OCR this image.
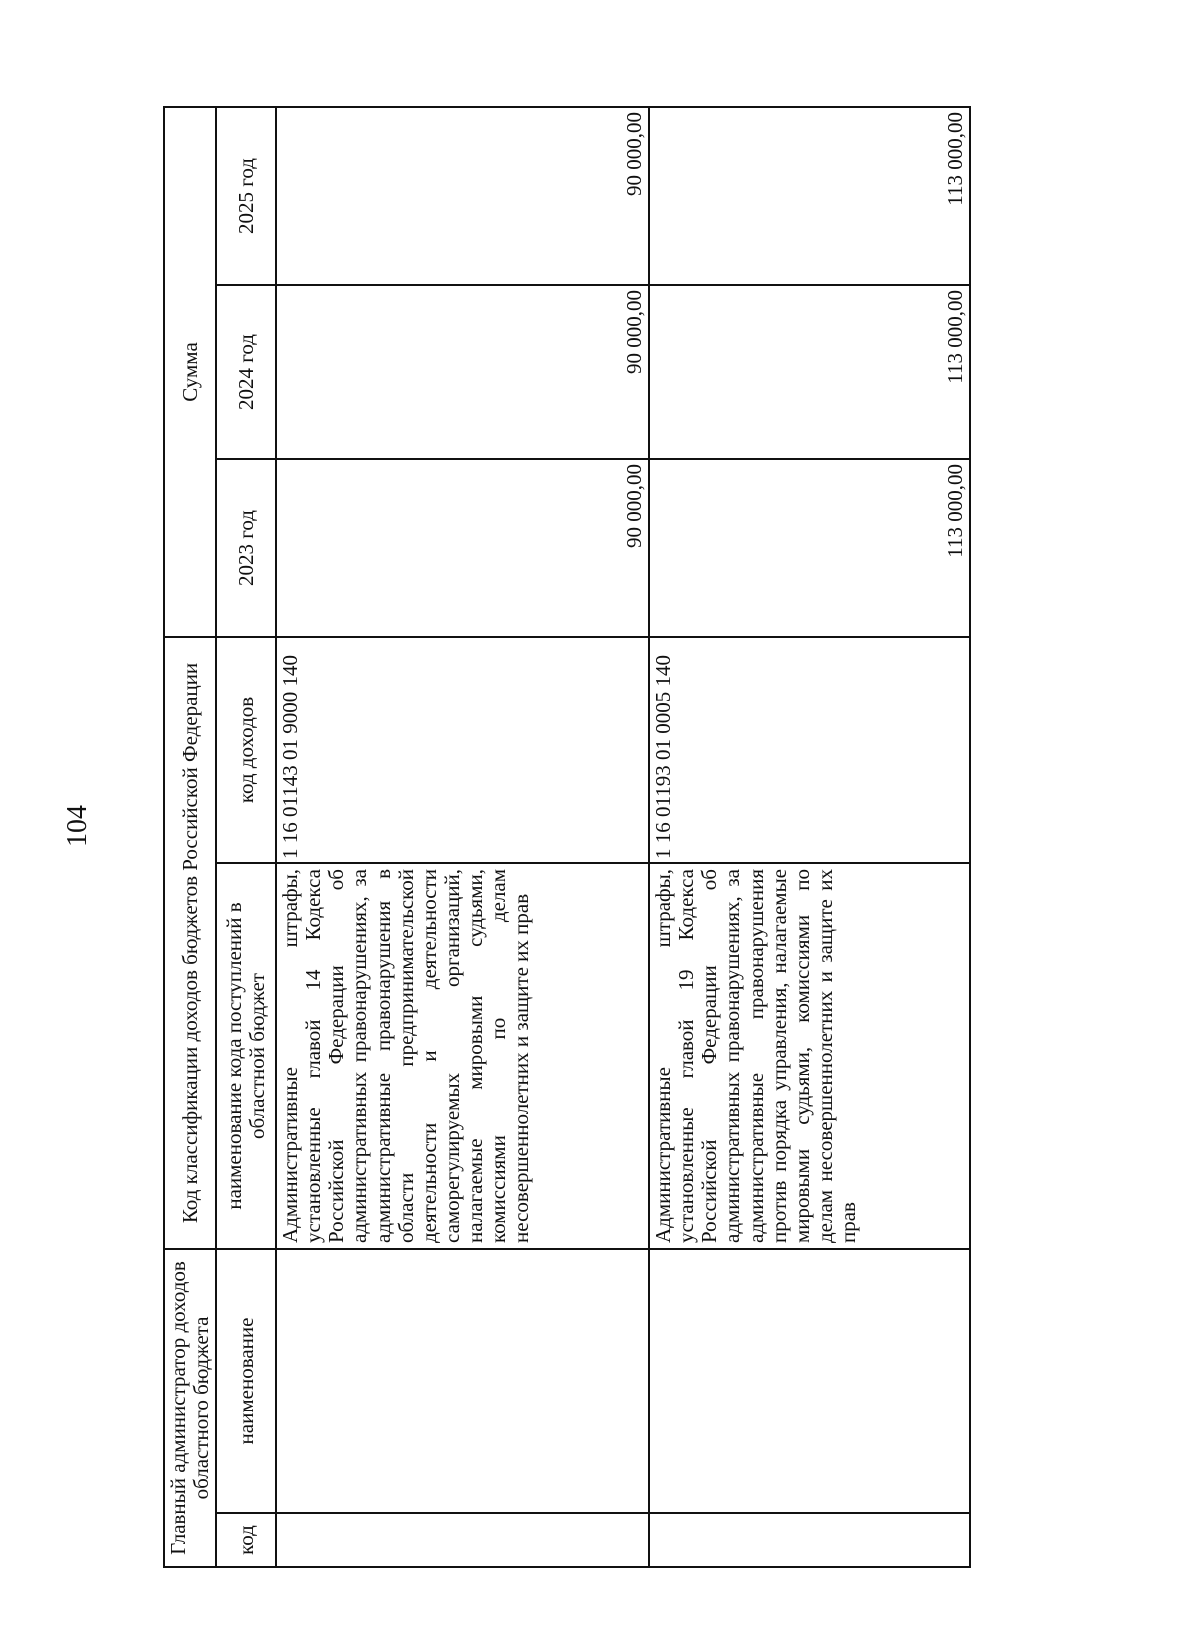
104
Главный администратор доходов областного бюджета		Код классификации доходов бюджетов Российской Федерации		Сумма		
код	наименование	наименование кода поступлений в областной бюджет	код доходов	2023 год	2024 год	2025 год
		Административные штрафы, установленные главой 14 Кодекса Российской Федерации об административных правонарушениях, за административные правонарушения в области предпринимательской деятельности и деятельности саморегулируемых организаций, налагаемые мировыми судьями, комиссиями по делам несовершеннолетних и защите их прав	1 16 01143 01 9000 140	90 000,00	90 000,00	90 000,00
		Административные штрафы, установленные главой 19 Кодекса Российской Федерации об административных правонарушениях, за административные правонарушения против порядка управления, налагаемые мировыми судьями, комиссиями по делам несовершеннолетних и защите их прав	1 16 01193 01 0005 140	113 000,00	113 000,00	113 000,00
